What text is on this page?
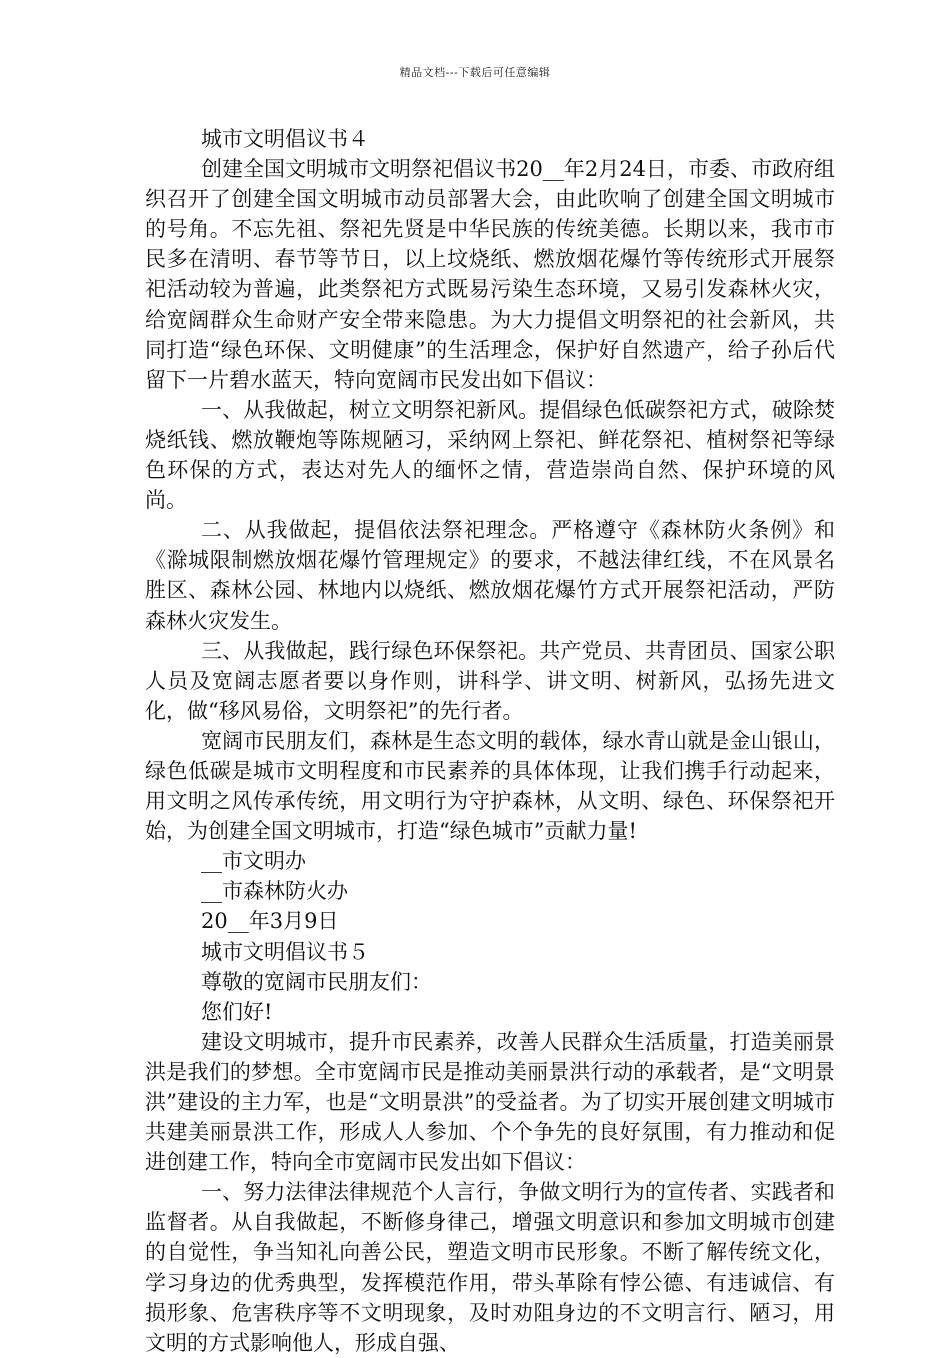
精品文档---下载后可任意编辑

城市文明倡议书４

创建全国文明城市文明祭祀倡议书20__年2月24日，市委、市政府组织召开了创建全国文明城市动员部署大会，由此吹响了创建全国文明城市的号角。不忘先祖、祭祀先贤是中华民族的传统美德。长期以来，我市市民多在清明、春节等节日，以上坟烧纸、燃放烟花爆竹等传统形式开展祭祀活动较为普遍，此类祭祀方式既易污染生态环境，又易引发森林火灾，给宽阔群众生命财产安全带来隐患。为大力提倡文明祭祀的社会新风，共同打造“绿色环保、文明健康”的生活理念，保护好自然遗产，给子孙后代留下一片碧水蓝天，特向宽阔市民发出如下倡议：

一、从我做起，树立文明祭祀新风。提倡绿色低碳祭祀方式，破除焚烧纸钱、燃放鞭炮等陈规陋习，采纳网上祭祀、鲜花祭祀、植树祭祀等绿色环保的方式，表达对先人的缅怀之情，营造崇尚自然、保护环境的风尚。

二、从我做起，提倡依法祭祀理念。严格遵守《森林防火条例》和《滁城限制燃放烟花爆竹管理规定》的要求，不越法律红线，不在风景名胜区、森林公园、林地内以烧纸、燃放烟花爆竹方式开展祭祀活动，严防森林火灾发生。

三、从我做起，践行绿色环保祭祀。共产党员、共青团员、国家公职人员及宽阔志愿者要以身作则，讲科学、讲文明、树新风，弘扬先进文化，做“移风易俗，文明祭祀”的先行者。

宽阔市民朋友们，森林是生态文明的载体，绿水青山就是金山银山，绿色低碳是城市文明程度和市民素养的具体体现，让我们携手行动起来，用文明之风传承传统，用文明行为守护森林，从文明、绿色、环保祭祀开始，为创建全国文明城市，打造“绿色城市”贡献力量!

__市文明办

__市森林防火办

20__年3月9日

城市文明倡议书５

尊敬的宽阔市民朋友们：

您们好!

建设文明城市，提升市民素养，改善人民群众生活质量，打造美丽景洪是我们的梦想。全市宽阔市民是推动美丽景洪行动的承载者，是“文明景洪”建设的主力军，也是“文明景洪”的受益者。为了切实开展创建文明城市共建美丽景洪工作，形成人人参加、个个争先的良好氛围，有力推动和促进创建工作，特向全市宽阔市民发出如下倡议：

一、努力法律法律规范个人言行，争做文明行为的宣传者、实践者和监督者。从自我做起，不断修身律己，增强文明意识和参加文明城市创建的自觉性，争当知礼向善公民，塑造文明市民形象。不断了解传统文化，学习身边的优秀典型，发挥模范作用，带头革除有悖公德、有违诚信、有损形象、危害秩序等不文明现象，及时劝阻身边的不文明言行、陋习，用文明的方式影响他人，形成自强、
